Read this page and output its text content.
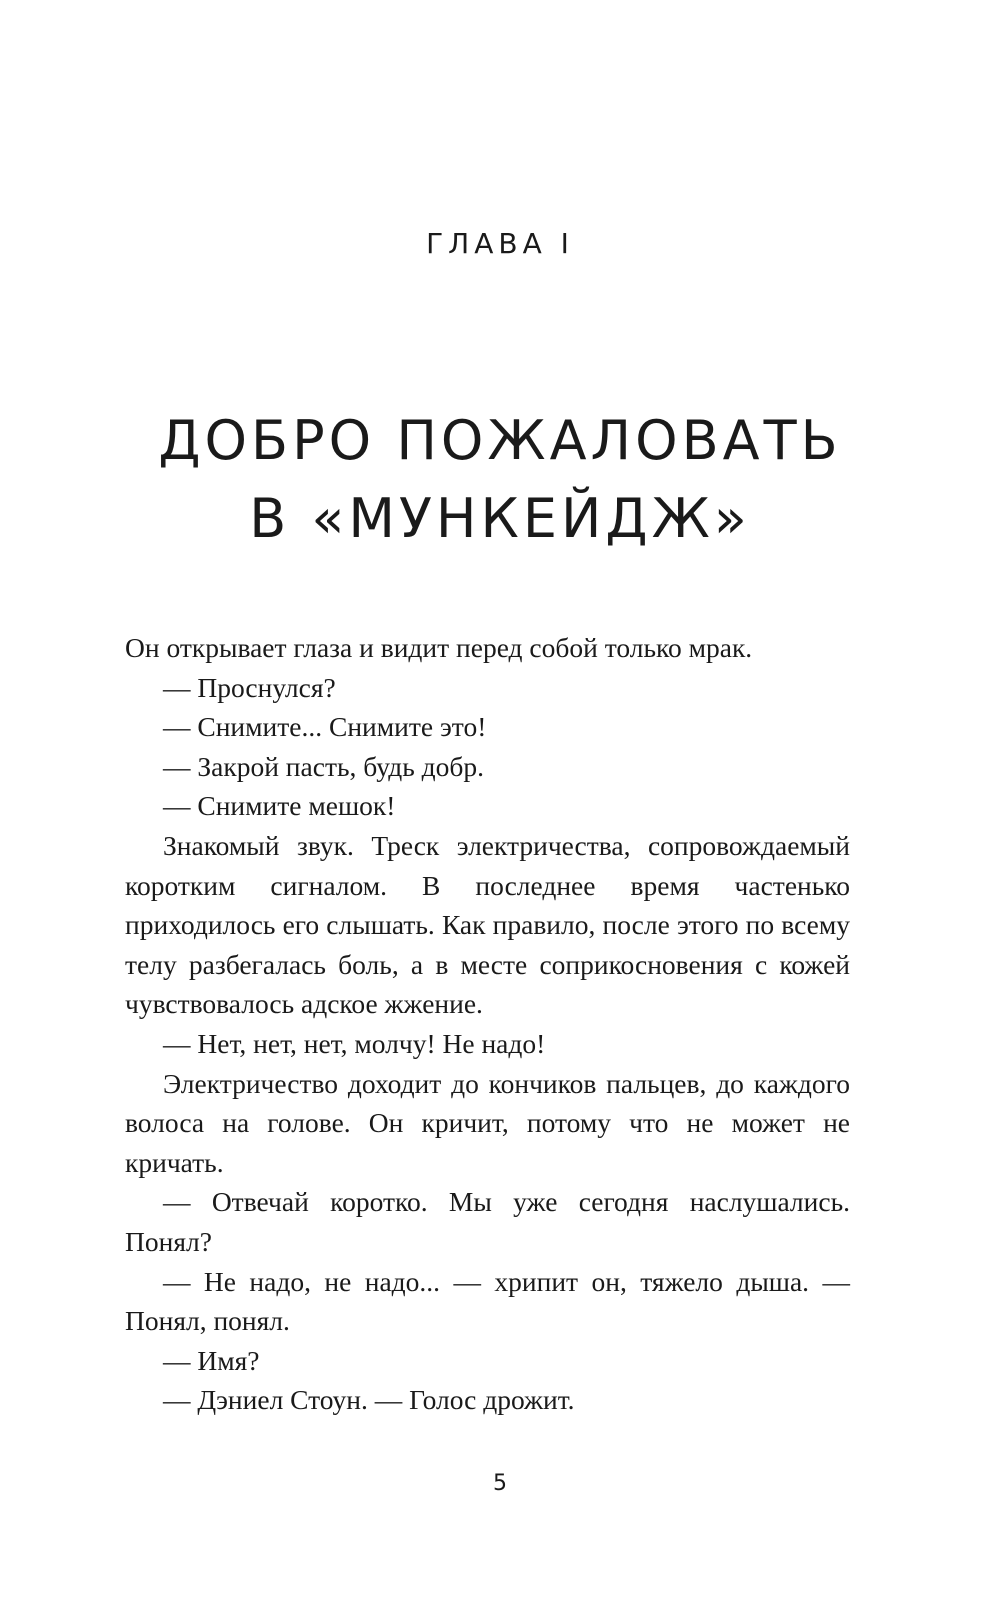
ГЛАВА I
ДОБРО ПОЖАЛОВАТЬ
В «МУНКЕЙДЖ»

Он открывает глаза и видит перед собой только мрак.

— Проснулся?

— Снимите... Снимите это!

— Закрой пасть, будь добр.

— Снимите мешок!

Знакомый звук. Треск электричества, сопровождаемый коротким сигналом. В последнее время частенько приходилось его слышать. Как правило, после этого по всему телу разбегалась боль, а в месте соприкосновения с кожей чувствовалось адское жжение.

— Нет, нет, нет, молчу! Не надо!

Электричество доходит до кончиков пальцев, до каждого волоса на голове. Он кричит, потому что не может не кричать.

— Отвечай коротко. Мы уже сегодня наслушались. Понял?

— Не надо, не надо... — хрипит он, тяжело дыша. — Понял, понял.

— Имя?

— Дэниел Стоун. — Голос дрожит.

5
